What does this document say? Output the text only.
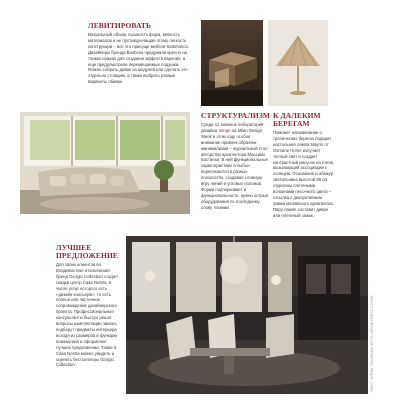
ЛЕВИТИРОВАТЬ

Визуальный объем, пышность форм, мягкость материалов и не противоречащая этому легкость конструкции – все это присуще мебели Salamanca. Дизайнеры бренда Bosbosa придумали кресло на тонких ножках для создания эффекта парения, а еще предусмотрели перемещаемые подушки. Можно собрать диван из модулей или сделать его отдельно стоящим, а также выбрать разные варианты обивки.

СТРУКТУРАЛИЗМ

Среди 12 новинок лабораторий дизайна Venge на Milan Design Week в этом году особое внимание привлек образчик минимализма – журнальный стол авторства архитектора Массимо Кастаньи. В ней функциональные характеристики «глыбы» пересекаются в разных плоскостях, создавая сложную игру линий и угловых изломов. Форма подчеркивает и функциональность: нужно острые оборудования по последнему слову техники.

К ДАЛЕКИМ БЕРЕГАМ

Поможет напоминание о тропических берегах подарит настольная лампа Mayrin от Osmane Home излучает теплый свет и создает контрастный рисунок на стене, вызывающий ассоциации с солнцем. Основание и абажур светильника высотой 89 см отделаны плетеными волокнами песочного цвета – отсылка к декоративным грамм малайского архипелага. Пару лампе составит диван или плетеный гамак.

ЛУЧШЕЕ ПРЕДЛОЖЕНИЕ

Для своих клиентов во Владивостоке итальянский бренд Giorgio Collection создал скидки центр Casa Nostra, в числе услуг которого есть «дизайн-консьерж», то есть полное или частичное сопровождение дизайнерского проекта. Профессиональные консультанты быстро решат вопросы комплектации заказа, подберут предметы интерьера исходя из размеров и функции помещения и оформляют лучшее предложение. Также в Casa Nostra можно увидеть и оценить бестселлеры Giorgio Collection.	ТЕКСТ: ЕЛЕНА ТИХОНОВА; ФОТО: АРХИВ ПРЕСС-СЛУЖБ
